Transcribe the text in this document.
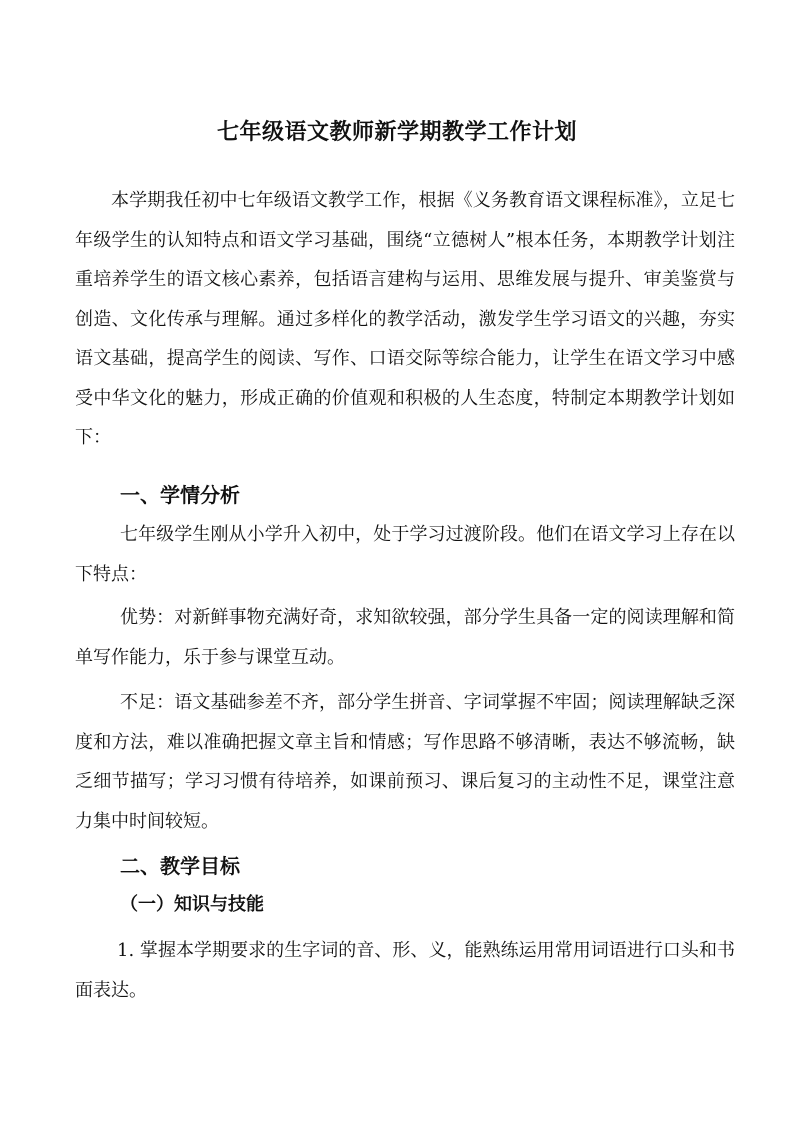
七年级语文教师新学期教学工作计划

本学期我任初中七年级语文教学工作，根据《义务教育语文课程标准》，立足七年级学生的认知特点和语文学习基础，围绕“立德树人”根本任务，本期教学计划注重培养学生的语文核心素养，包括语言建构与运用、思维发展与提升、审美鉴赏与创造、文化传承与理解。通过多样化的教学活动，激发学生学习语文的兴趣，夯实语文基础，提高学生的阅读、写作、口语交际等综合能力，让学生在语文学习中感受中华文化的魅力，形成正确的价值观和积极的人生态度，特制定本期教学计划如下：

一、学情分析

七年级学生刚从小学升入初中，处于学习过渡阶段。他们在语文学习上存在以下特点：

优势：对新鲜事物充满好奇，求知欲较强，部分学生具备一定的阅读理解和简单写作能力，乐于参与课堂互动。

不足：语文基础参差不齐，部分学生拼音、字词掌握不牢固；阅读理解缺乏深度和方法，难以准确把握文章主旨和情感；写作思路不够清晰，表达不够流畅，缺乏细节描写；学习习惯有待培养，如课前预习、课后复习的主动性不足，课堂注意力集中时间较短。

二、教学目标
（一）知识与技能

1. 掌握本学期要求的生字词的音、形、义，能熟练运用常用词语进行口头和书面表达。
